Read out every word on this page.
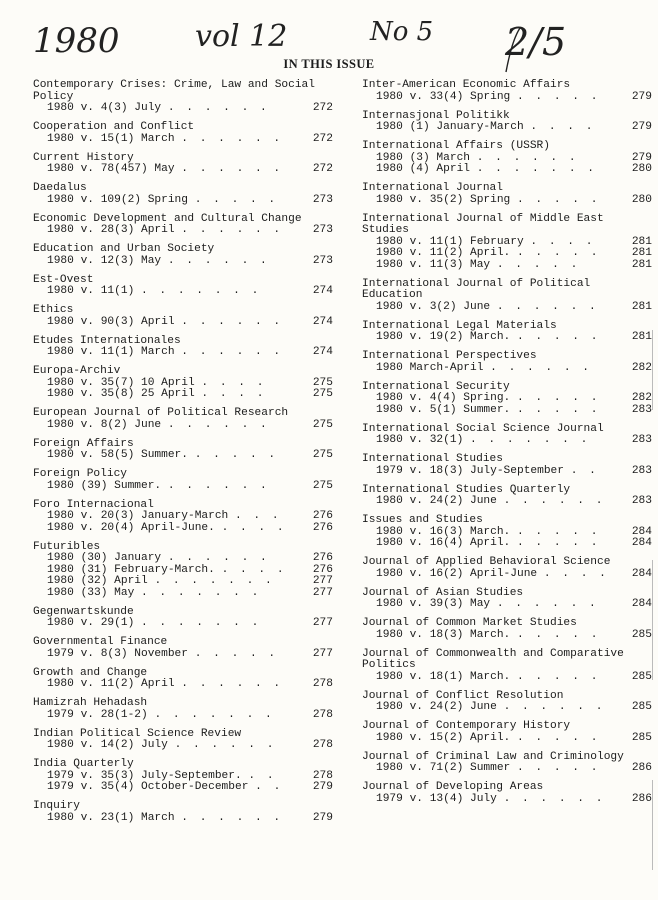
1980	vol 12	No 5 2/5
IN THIS ISSUE
Contemporary Crises: Crime, Law and Social Policy
1980 v. 4(3) July . . . . . .	272
Cooperation and Conflict
1980 v. 15(1) March . . . . . .	272
Current History
1980 v. 78(457) May . . . . . .	272
Daedalus
1980 v. 109(2) Spring . . . . .	273
Economic Development and Cultural Change
1980 v. 28(3) April . . . . . .	273
Education and Urban Society
1980 v. 12(3) May . . . . . .	273
Est-Ovest
1980 v. 11(1) . . . . . . .	274
Ethics
1980 v. 90(3) April . . . . . .	274
Etudes Internationales
1980 v. 11(1) March . . . . . .	274
Europa-Archiv
1980 v. 35(7) 10 April . . . .	275
1980 v. 35(8) 25 April . . . .	275
European Journal of Political Research
1980 v. 8(2) June . . . . . .	275
Foreign Affairs
1980 v. 58(5) Summer. . . . . .	275
Foreign Policy
1980 (39) Summer. . . . . . .	275
Foro Internacional
1980 v. 20(3) January-March . . .	276
1980 v. 20(4) April-June. . . . . 276
Futuribles
1980 (30) January . . . . . .	276
1980 (31) February-March. . . . . 276
1980 (32) April . . . . . . .	277
1980 (33) May . . . . . . .	277
Gegenwartskunde
1980 v. 29(1) . . . . . . .	277
Governmental Finance
1979 v. 8(3) November . . . . .	277
Growth and Change
1980 v. 11(2) April . . . . . .	278
Hamizrah Hehadash
1979 v. 28(1-2) . . . . . . .	278
Indian Political Science Review
1980 v. 14(2) July . . . . . .	278
India Quarterly
1979 v. 35(3) July-September. . .	278
1979 v. 35(4) October-December . .	279
Inquiry
1980 v. 23(1) March . . . . . .	279
Inter-American Economic Affairs
1980 v. 33(4) Spring . . . . .	279
Internasjonal Politikk
1980 (1) January-March . . . .	279
International Affairs (USSR)
1980 (3) March . . . . . .	279
1980 (4) April . . . . . . .	280
International Journal
1980 v. 35(2) Spring . . . . .	280
International Journal of Middle East Studies
1980 v. 11(1) February . . . .	281
1980 v. 11(2) April. . . . . .	281
1980 v. 11(3) May . . . . .	281
International Journal of Political Education
1980 v. 3(2) June . . . . . .	281
International Legal Materials
1980 v. 19(2) March. . . . . .	281
International Perspectives
1980 March-April . . . . . .	282
International Security
1980 v. 4(4) Spring. . . . . .	282
1980 v. 5(1) Summer. . . . . .	283
International Social Science Journal
1980 v. 32(1) . . . . . . .	283
International Studies
1979 v. 18(3) July-September . .	283
International Studies Quarterly
1980 v. 24(2) June . . . . . . 283
Issues and Studies
1980 v. 16(3) March. . . . . .	284
1980 v. 16(4) April. . . . . .	284
Journal of Applied Behavioral Science
1980 v. 16(2) April-June . . . . 284
Journal of Asian Studies
1980 v. 39(3) May . . . . . .	284
Journal of Common Market Studies
1980 v. 18(3) March. . . . . .	285
Journal of Commonwealth and Comparative Politics
1980 v. 18(1) March. . . . . .	285
Journal of Conflict Resolution
1980 v. 24(2) June . . . . . . 285
Journal of Contemporary History
1980 v. 15(2) April. . . . . .	285
Journal of Criminal Law and Criminology
1980 v. 71(2) Summer . . . . .	286
Journal of Developing Areas
1979 v. 13(4) July . . . . . . 286
